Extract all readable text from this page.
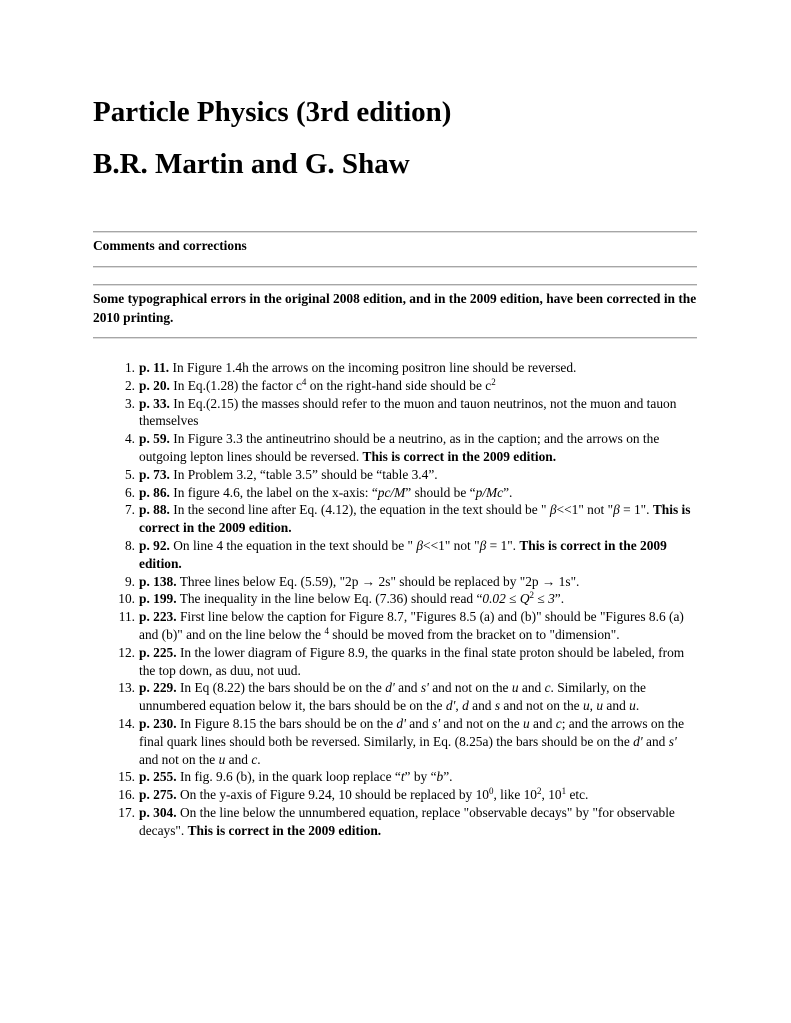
Particle Physics (3rd edition)
B.R. Martin and G. Shaw

Comments and corrections

Some typographical errors in the original 2008 edition, and in the 2009 edition, have been corrected in the 2010 printing.

1. p. 11. In Figure 1.4h the arrows on the incoming positron line should be reversed.
2. p. 20. In Eq.(1.28) the factor $c^4$ on the right-hand side should be $c^2$
3. p. 33. In Eq.(2.15) the masses should refer to the muon and tauon neutrinos, not the muon and tauon themselves
4. p. 59. In Figure 3.3 the antineutrino should be a neutrino, as in the caption; and the arrows on the outgoing lepton lines should be reversed. This is correct in the 2009 edition.
5. p. 73. In Problem 3.2, “table 3.5” should be “table 3.4”.
6. p. 86. In figure 4.6, the label on the x-axis: “pc/M” should be “p/Mc”.
7. p. 88. In the second line after Eq. (4.12), the equation in the text should be " β<<1" not "β = 1". This is correct in the 2009 edition.
8. p. 92. On line 4 the equation in the text should be " β<<1" not "β = 1". This is correct in the 2009 edition.
9. p. 138. Three lines below Eq. (5.59), "2p → 2s" should be replaced by "2p → 1s".
10. p. 199. The inequality in the line below Eq. (7.36) should read “$0.02 \le Q^2 \le 3$”.
11. p. 223. First line below the caption for Figure 8.7, "Figures 8.5 (a) and (b)" should be "Figures 8.6 (a) and (b)" and on the line below the $^4$ should be moved from the bracket on to "dimension".
12. p. 225. In the lower diagram of Figure 8.9, the quarks in the final state proton should be labeled, from the top down, as duu, not uud.
13. p. 229. In Eq (8.22) the bars should be on the d' and s' and not on the u and c. Similarly, on the unnumbered equation below it, the bars should be on the d', d and s and not on the u, u and u.
14. p. 230. In Figure 8.15 the bars should be on the d' and s' and not on the u and c; and the arrows on the final quark lines should both be reversed. Similarly, in Eq. (8.25a) the bars should be on the d' and s' and not on the u and c.
15. p. 255. In fig. 9.6 (b), in the quark loop replace “t” by “b”.
16. p. 275. On the y-axis of Figure 9.24, 10 should be replaced by $10^0$, like $10^2$, $10^1$ etc.
17. p. 304. On the line below the unnumbered equation, replace "observable decays" by "for observable decays". This is correct in the 2009 edition.
